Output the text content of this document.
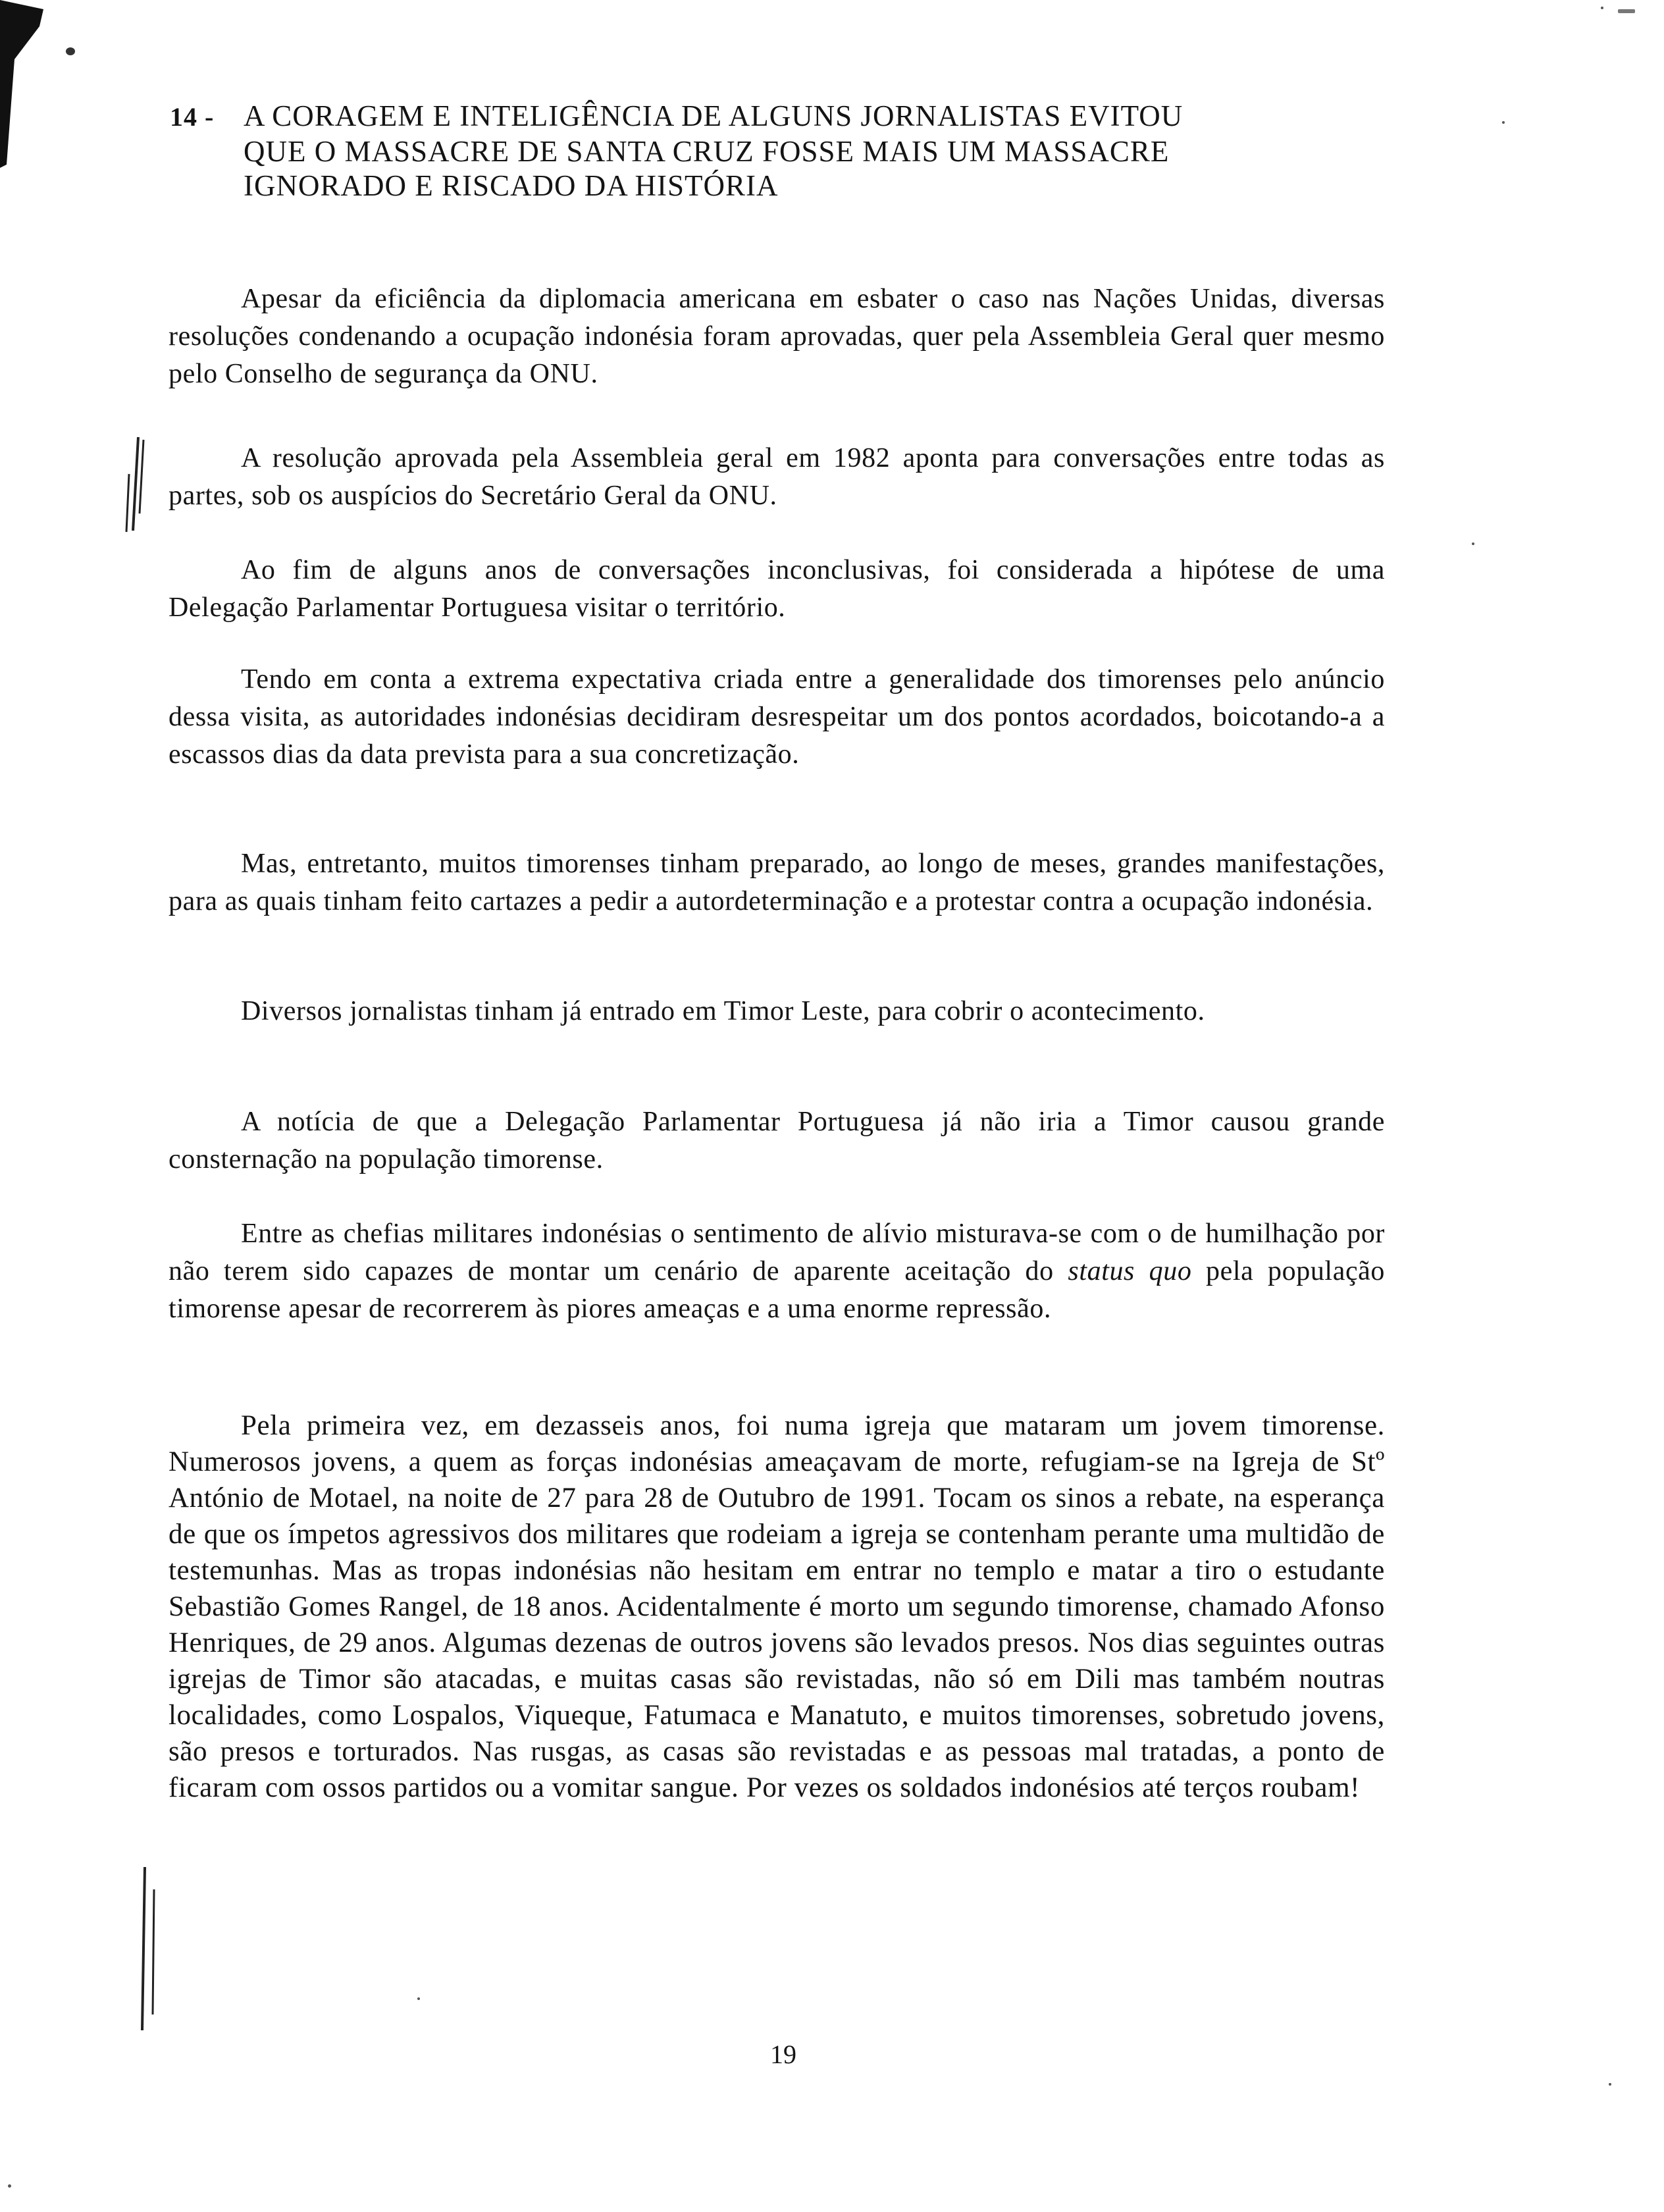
14 - A CORAGEM E INTELIGÊNCIA DE ALGUNS JORNALISTAS EVITOU
QUE O MASSACRE DE SANTA CRUZ FOSSE MAIS UM MASSACRE
IGNORADO E RISCADO DA HISTÓRIA

Apesar da eficiência da diplomacia americana em esbater o caso nas Nações Unidas, diversas resoluções condenando a ocupação indonésia foram aprovadas, quer pela Assembleia Geral quer mesmo pelo Conselho de segurança da ONU.

A resolução aprovada pela Assembleia geral em 1982 aponta para conversações entre todas as partes, sob os auspícios do Secretário Geral da ONU.

Ao fim de alguns anos de conversações inconclusivas, foi considerada a hipótese de uma Delegação Parlamentar Portuguesa visitar o território.

Tendo em conta a extrema expectativa criada entre a generalidade dos timorenses pelo anúncio dessa visita, as autoridades indonésias decidiram desrespeitar um dos pontos acordados, boicotando-a a escassos dias da data prevista para a sua concretização.

Mas, entretanto, muitos timorenses tinham preparado, ao longo de meses, grandes manifestações, para as quais tinham feito cartazes a pedir a autordeterminação e a protestar contra a ocupação indonésia.

Diversos jornalistas tinham já entrado em Timor Leste, para cobrir o acontecimento.

A notícia de que a Delegação Parlamentar Portuguesa já não iria a Timor causou grande consternação na população timorense.

Entre as chefias militares indonésias o sentimento de alívio misturava-se com o de humilhação por não terem sido capazes de montar um cenário de aparente aceitação do status quo pela população timorense apesar de recorrerem às piores ameaças e a uma enorme repressão.

Pela primeira vez, em dezasseis anos, foi numa igreja que mataram um jovem timorense. Numerosos jovens, a quem as forças indonésias ameaçavam de morte, refugiam-se na Igreja de Stº António de Motael, na noite de 27 para 28 de Outubro de 1991. Tocam os sinos a rebate, na esperança de que os ímpetos agressivos dos militares que rodeiam a igreja se contenham perante uma multidão de testemunhas. Mas as tropas indonésias não hesitam em entrar no templo e matar a tiro o estudante Sebastião Gomes Rangel, de 18 anos. Acidentalmente é morto um segundo timorense, chamado Afonso Henriques, de 29 anos. Algumas dezenas de outros jovens são levados presos. Nos dias seguintes outras igrejas de Timor são atacadas, e muitas casas são revistadas, não só em Dili mas também noutras localidades, como Lospalos, Viqueque, Fatumaca e Manatuto, e muitos timorenses, sobretudo jovens, são presos e torturados. Nas rusgas, as casas são revistadas e as pessoas mal tratadas, a ponto de ficaram com ossos partidos ou a vomitar sangue. Por vezes os soldados indonésios até terços roubam!

19
